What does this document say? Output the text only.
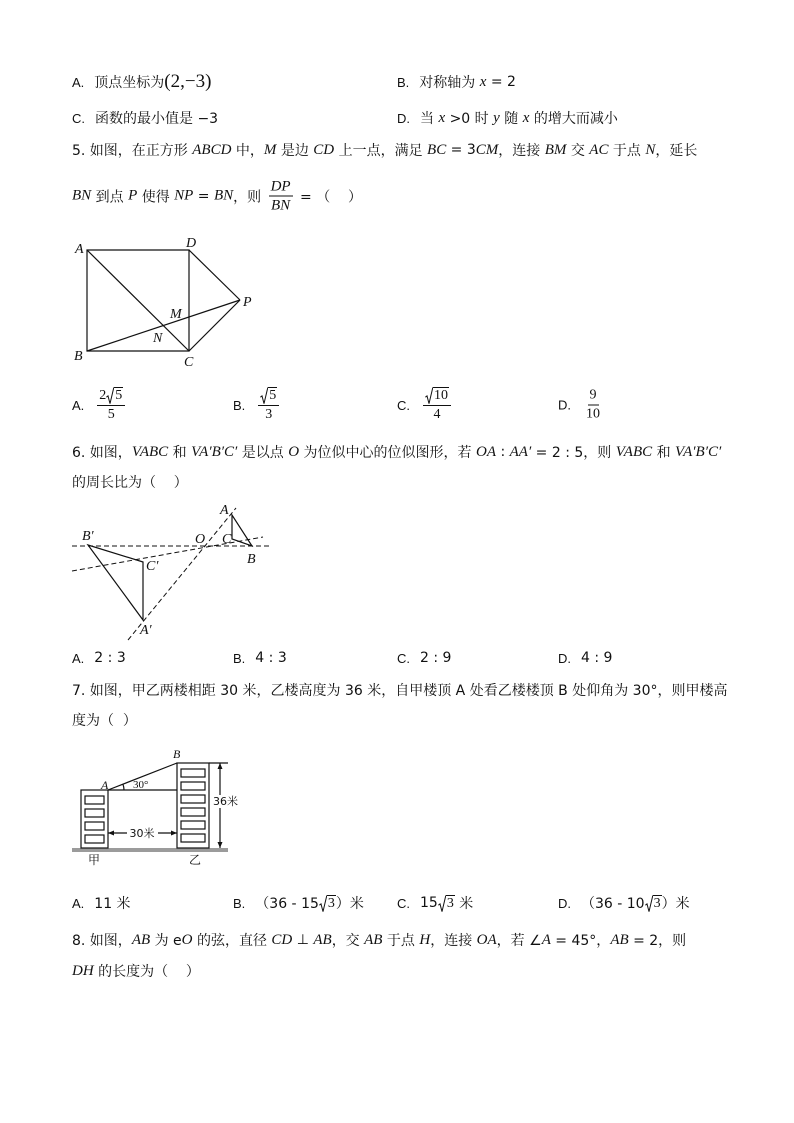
A. 顶点坐标为 (2,−3)	B. 对称轴为 x = 2
C. 函数的最小值是 −3	D. 当 x >0 时 y 随 x 的增大而减小
5. 如图，在正方形 ABCD 中， M 是边 CD 上一点，满足 BC = 3 CM ，连接 BM 交 AC 于点 N ，延长
BN 到点 P 使得 NP = BN ，则 $\frac{DP}{BN}$ = （    ）
A	D
B	C
M
N
P
A. $\frac{2 5}{5}$	B. $\frac{5}{3}$	C. $\frac{10}{4}$	D. $\frac{9}{10}$
6. 如图， VABC 和 VA′B′C′ 是以点 O 为位似中心的位似图形，若 OA : AA′ = 2 : 5，则 VABC 和 VA′B′C′
的周长比为（    ）
B′
C′
A′
O
A
C
B
A. 2 : 3	B. 4 : 3	C. 2 : 9	D. 4 : 9
7. 如图，甲乙两楼相距 30 米，乙楼高度为 36 米，自甲楼顶 A 处看乙楼楼顶 B 处仰角为 30°，则甲楼高
度为（  ）
30°
A
B
30米
36米
甲	乙
A. 11 米	B. （36 - 15 3 ）米	C. 15 3 米	D. （36 - 10 3 ）米
8. 如图， AB 为 e O 的弦，直径 CD ⊥ AB ，交 AB 于点 H ，连接 OA ，若 ∠ A = 45°， AB = 2，则
DH 的长度为（    ）
